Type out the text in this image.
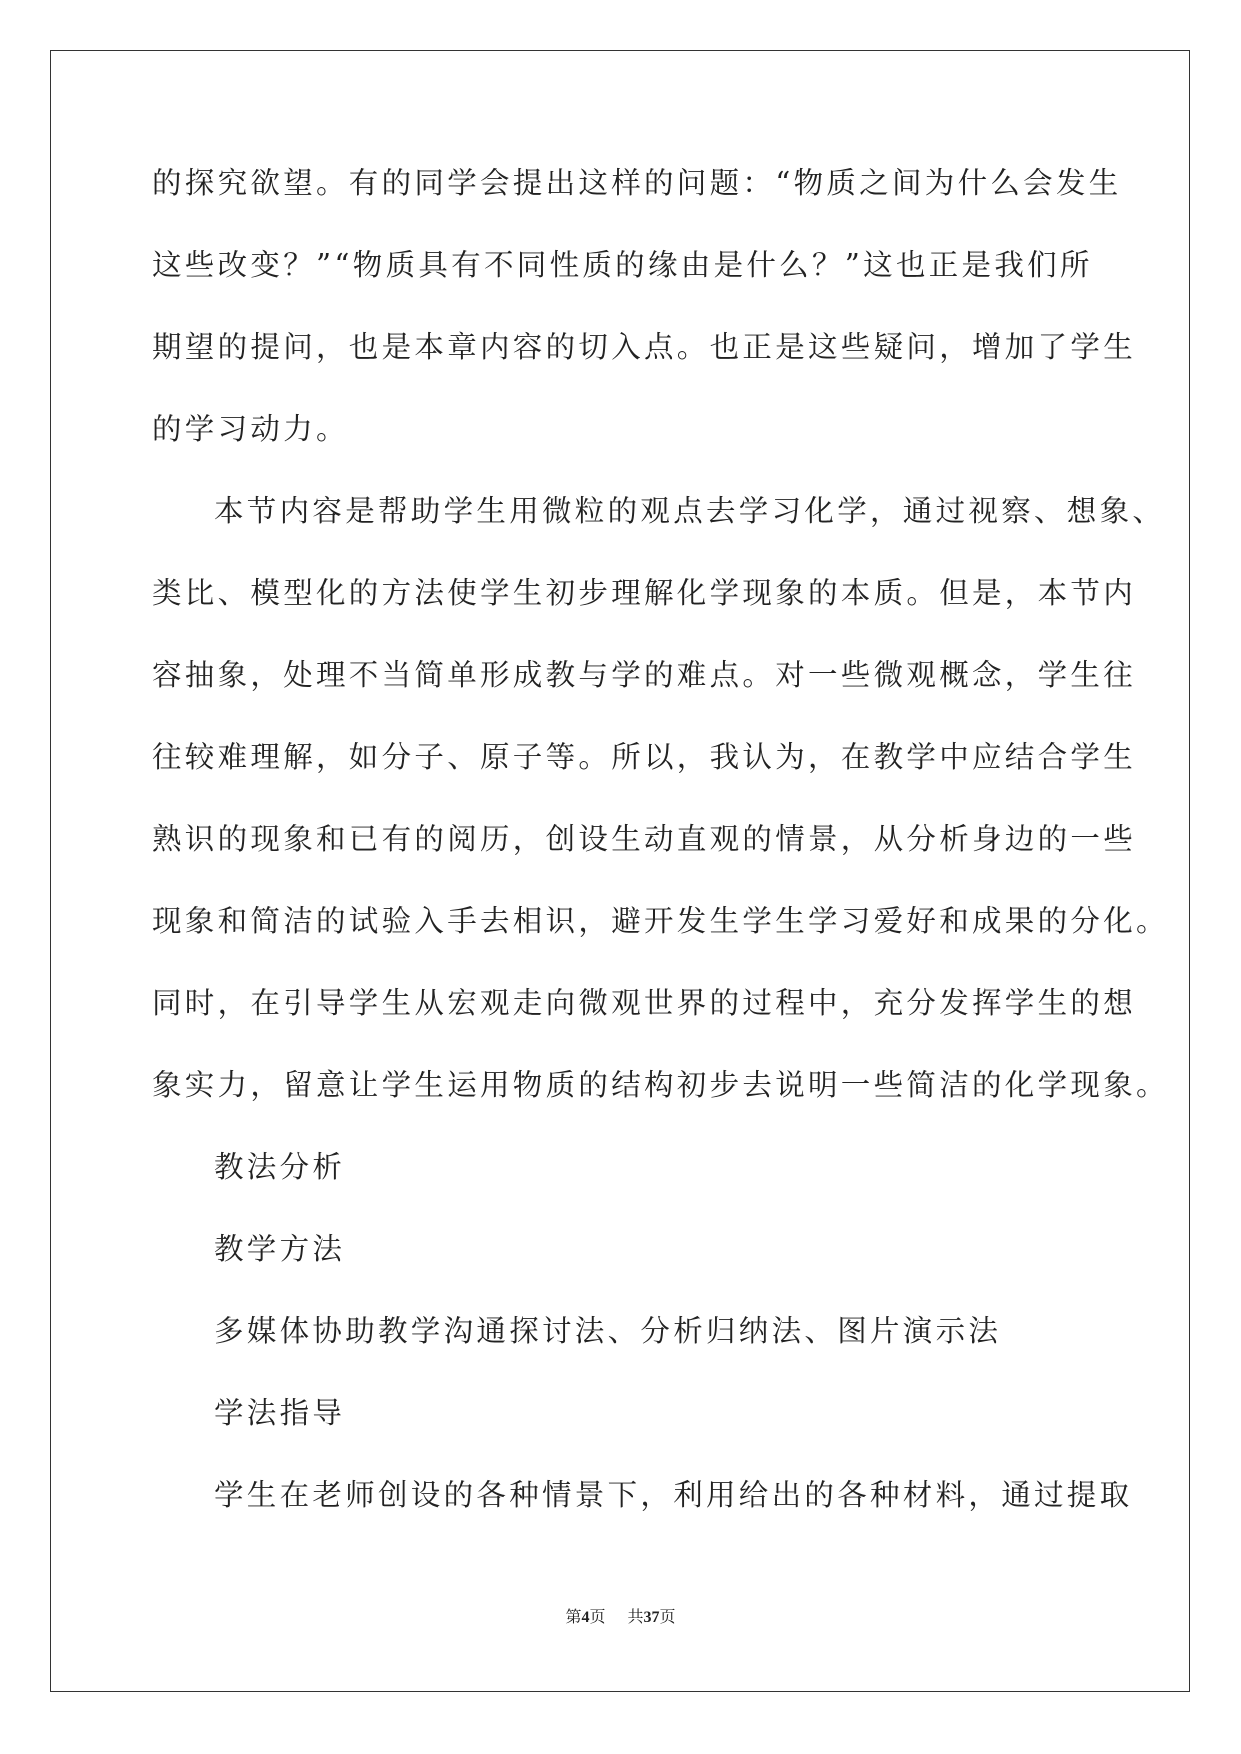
的探究欲望。有的同学会提出这样的问题：“物质之间为什么会发生
这些改变？”“物质具有不同性质的缘由是什么？”这也正是我们所
期望的提问，也是本章内容的切入点。也正是这些疑问，增加了学生
的学习动力。
本节内容是帮助学生用微粒的观点去学习化学，通过视察、想象、
类比、模型化的方法使学生初步理解化学现象的本质。但是，本节内
容抽象，处理不当简单形成教与学的难点。对一些微观概念，学生往
往较难理解，如分子、原子等。所以，我认为，在教学中应结合学生
熟识的现象和已有的阅历，创设生动直观的情景，从分析身边的一些
现象和简洁的试验入手去相识，避开发生学生学习爱好和成果的分化。
同时，在引导学生从宏观走向微观世界的过程中，充分发挥学生的想
象实力，留意让学生运用物质的结构初步去说明一些简洁的化学现象。
教法分析
教学方法
多媒体协助教学沟通探讨法、分析归纳法、图片演示法
学法指导
学生在老师创设的各种情景下，利用给出的各种材料，通过提取
第4页 共37页
